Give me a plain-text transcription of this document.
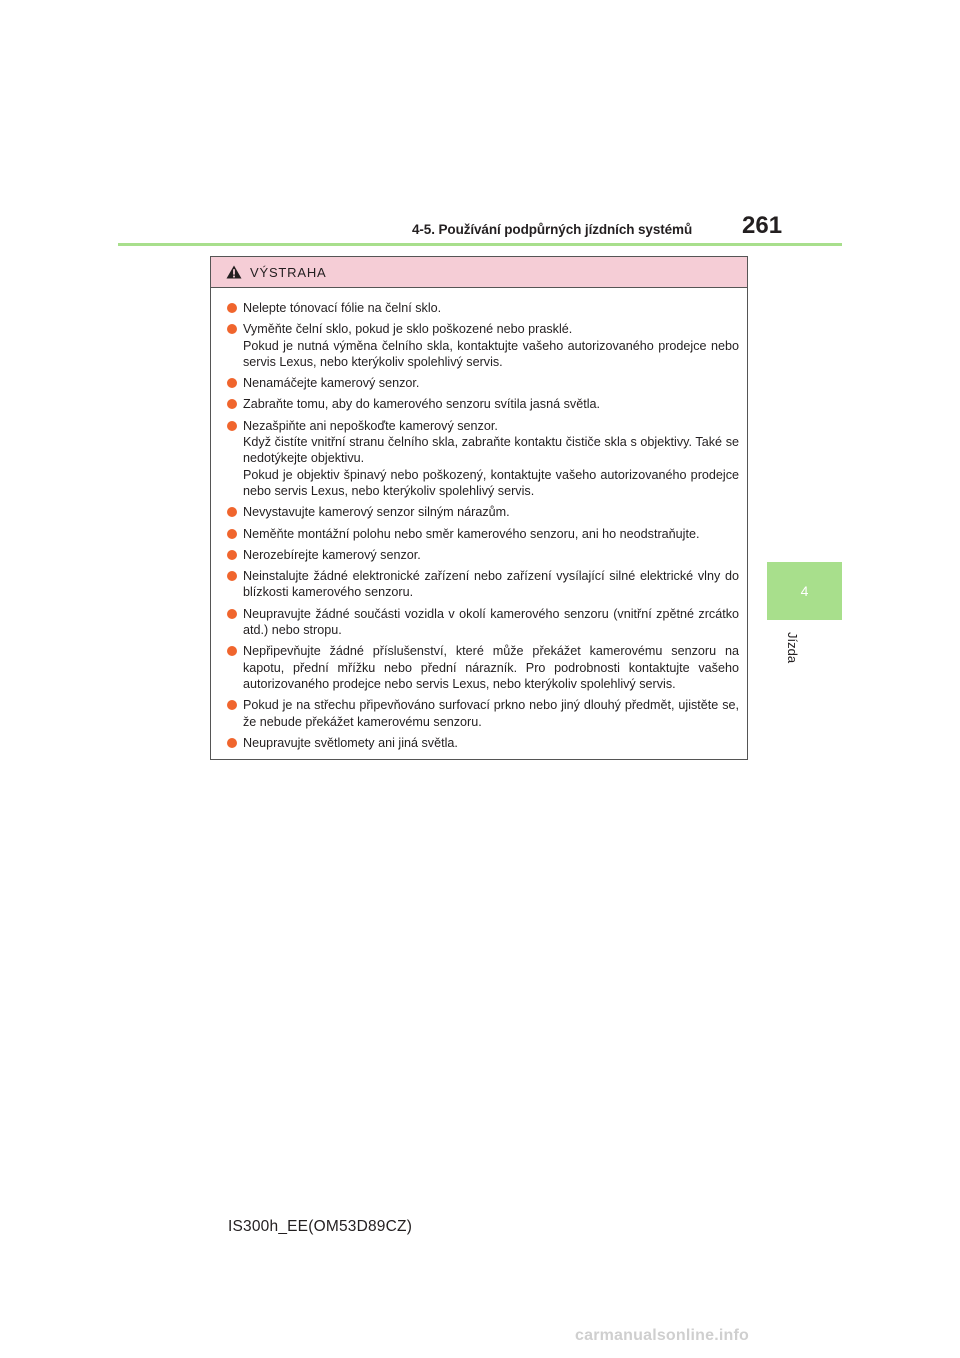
4-5. Používání podpůrných jízdních systémů 261
4
Jízda
VÝSTRAHA
Nelepte tónovací fólie na čelní sklo.
Vyměňte čelní sklo, pokud je sklo poškozené nebo prasklé.
Pokud je nutná výměna čelního skla, kontaktujte vašeho autorizovaného prodejce nebo servis Lexus, nebo kterýkoliv spolehlivý servis.
Nenamáčejte kamerový senzor.
Zabraňte tomu, aby do kamerového senzoru svítila jasná světla.
Nezašpiňte ani nepoškoďte kamerový senzor.
Když čistíte vnitřní stranu čelního skla, zabraňte kontaktu čističe skla s objektivy. Také se nedotýkejte objektivu.
Pokud je objektiv špinavý nebo poškozený, kontaktujte vašeho autorizovaného prodejce nebo servis Lexus, nebo kterýkoliv spolehlivý servis.
Nevystavujte kamerový senzor silným nárazům.
Neměňte montážní polohu nebo směr kamerového senzoru, ani ho neodstraňujte.
Nerozebírejte kamerový senzor.
Neinstalujte žádné elektronické zařízení nebo zařízení vysílající silné elektrické vlny do blízkosti kamerového senzoru.
Neupravujte žádné součásti vozidla v okolí kamerového senzoru (vnitřní zpětné zrcátko atd.) nebo stropu.
Nepřipevňujte žádné příslušenství, které může překážet kamerovému senzoru na kapotu, přední mřížku nebo přední nárazník. Pro podrobnosti kontaktujte vašeho autorizovaného prodejce nebo servis Lexus, nebo kterýkoliv spolehlivý servis.
Pokud je na střechu připevňováno surfovací prkno nebo jiný dlouhý předmět, ujistěte se, že nebude překážet kamerovému senzoru.
Neupravujte světlomety ani jiná světla.
IS300h_EE(OM53D89CZ)
carmanualsonline.info
